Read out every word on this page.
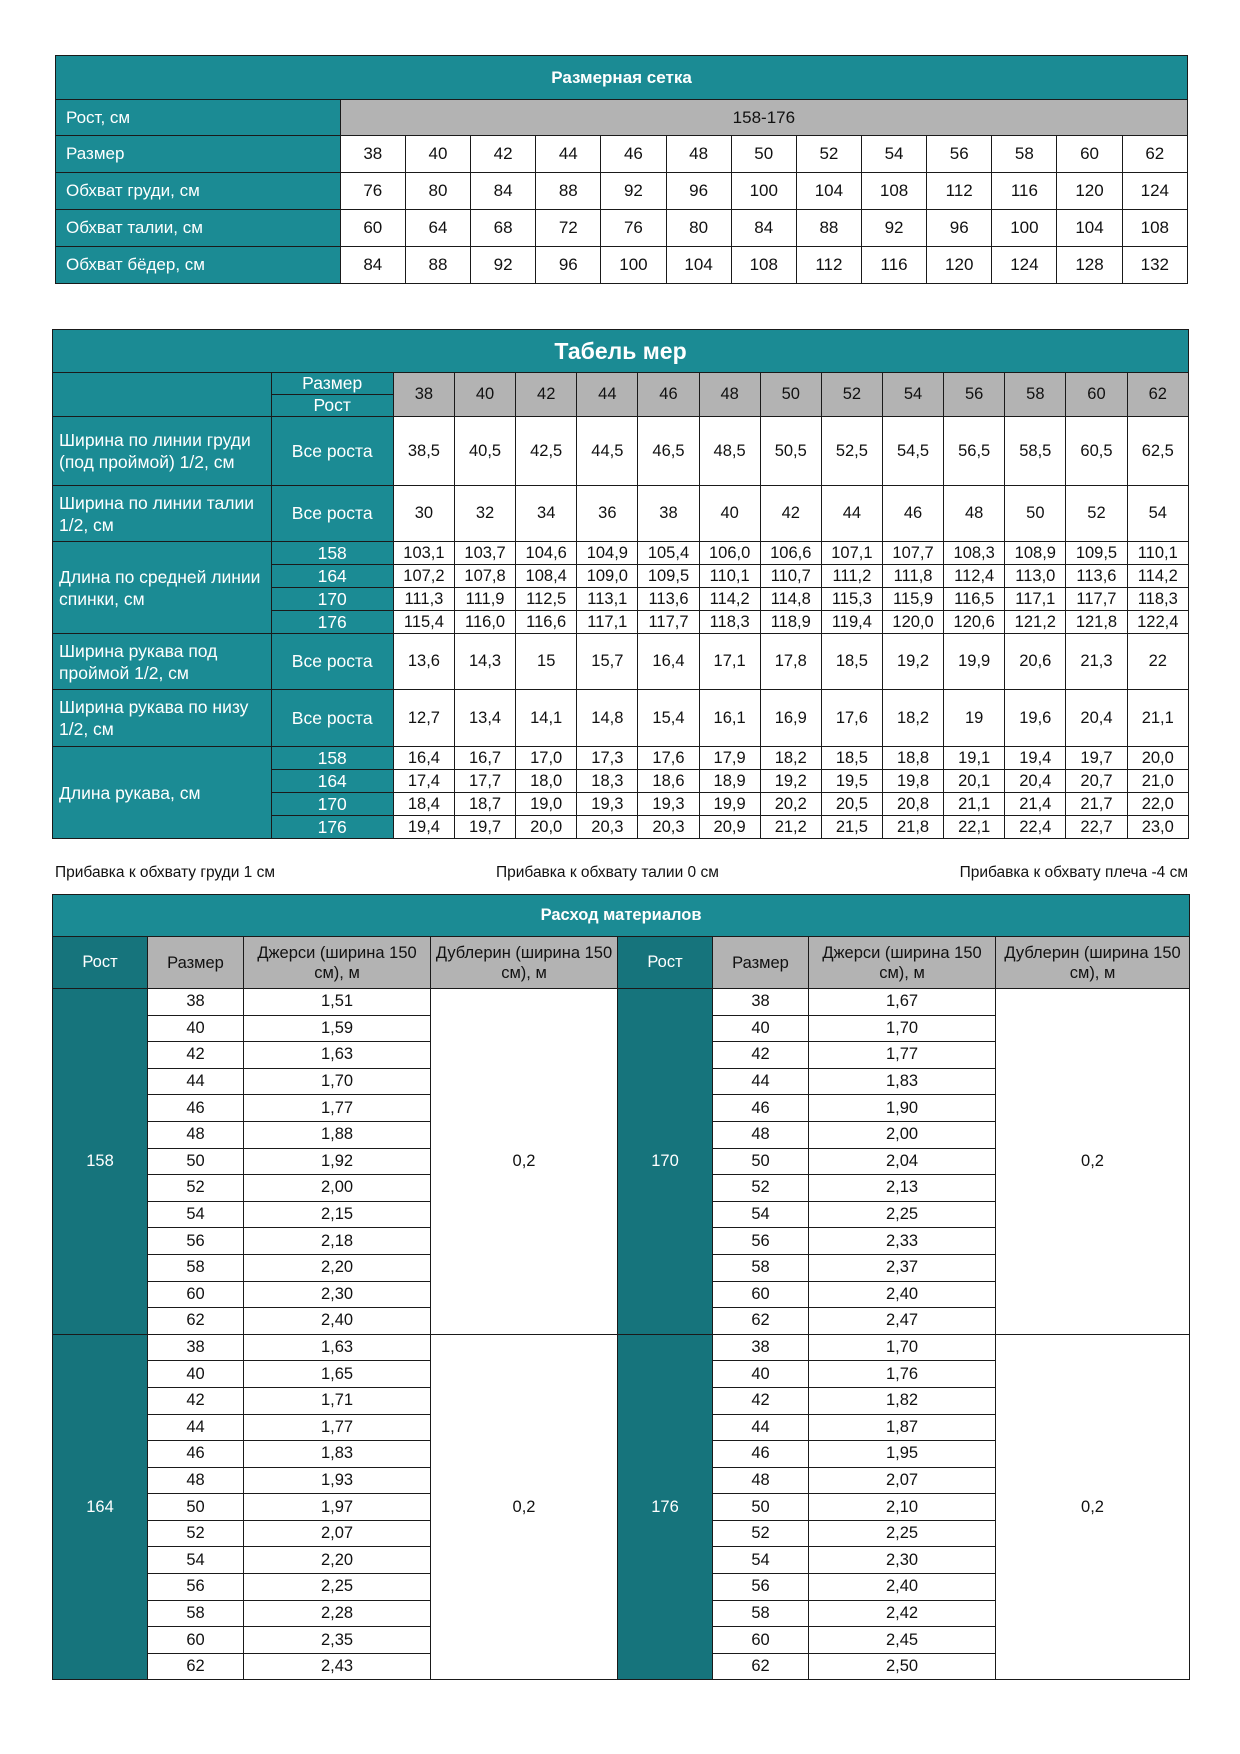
Размерная сетка													
Рост, см	158-176												
Размер	38	40	42	44	46	48	50	52	54	56	58	60	62
Обхват груди, см	76	80	84	88	92	96	100	104	108	112	116	120	124
Обхват талии, см	60	64	68	72	76	80	84	88	92	96	100	104	108
Обхват бёдер, см	84	88	92	96	100	104	108	112	116	120	124	128	132
Табель мер														
	Размер	38	40	42	44	46	48	50	52	54	56	58	60	62
	Рост													
Ширина по линии груди (под проймой) 1/2, см	Все роста	38,5	40,5	42,5	44,5	46,5	48,5	50,5	52,5	54,5	56,5	58,5	60,5	62,5
Ширина по линии талии 1/2, см	Все роста	30	32	34	36	38	40	42	44	46	48	50	52	54
Длина по средней линии спинки, см	158	103,1	103,7	104,6	104,9	105,4	106,0	106,6	107,1	107,7	108,3	108,9	109,5	110,1
	164	107,2	107,8	108,4	109,0	109,5	110,1	110,7	111,2	111,8	112,4	113,0	113,6	114,2
	170	111,3	111,9	112,5	113,1	113,6	114,2	114,8	115,3	115,9	116,5	117,1	117,7	118,3
	176	115,4	116,0	116,6	117,1	117,7	118,3	118,9	119,4	120,0	120,6	121,2	121,8	122,4
Ширина рукава под проймой 1/2, см	Все роста	13,6	14,3	15	15,7	16,4	17,1	17,8	18,5	19,2	19,9	20,6	21,3	22
Ширина рукава по низу 1/2, см	Все роста	12,7	13,4	14,1	14,8	15,4	16,1	16,9	17,6	18,2	19	19,6	20,4	21,1
Длина рукава, см	158	16,4	16,7	17,0	17,3	17,6	17,9	18,2	18,5	18,8	19,1	19,4	19,7	20,0
	164	17,4	17,7	18,0	18,3	18,6	18,9	19,2	19,5	19,8	20,1	20,4	20,7	21,0
	170	18,4	18,7	19,0	19,3	19,3	19,9	20,2	20,5	20,8	21,1	21,4	21,7	22,0
	176	19,4	19,7	20,0	20,3	20,3	20,9	21,2	21,5	21,8	22,1	22,4	22,7	23,0
Прибавка к обхвату груди 1 см	Прибавка к обхвату талии 0 см	Прибавка к обхвату плеча -4 см
Расход материалов							
Рост	Размер	Джерси (ширина 150 см), м	Дублерин (ширина 150 см), м	Рост	Размер	Джерси (ширина 150 см), м	Дублерин (ширина 150 см), м
158	38	1,51	0,2	170	38	1,67	0,2
	40	1,59			40	1,70	
	42	1,63			42	1,77	
	44	1,70			44	1,83	
	46	1,77			46	1,90	
	48	1,88			48	2,00	
	50	1,92			50	2,04	
	52	2,00			52	2,13	
	54	2,15			54	2,25	
	56	2,18			56	2,33	
	58	2,20			58	2,37	
	60	2,30			60	2,40	
	62	2,40			62	2,47	
164	38	1,63	0,2	176	38	1,70	0,2
	40	1,65			40	1,76	
	42	1,71			42	1,82	
	44	1,77			44	1,87	
	46	1,83			46	1,95	
	48	1,93			48	2,07	
	50	1,97			50	2,10	
	52	2,07			52	2,25	
	54	2,20			54	2,30	
	56	2,25			56	2,40	
	58	2,28			58	2,42	
	60	2,35			60	2,45	
	62	2,43			62	2,50	
